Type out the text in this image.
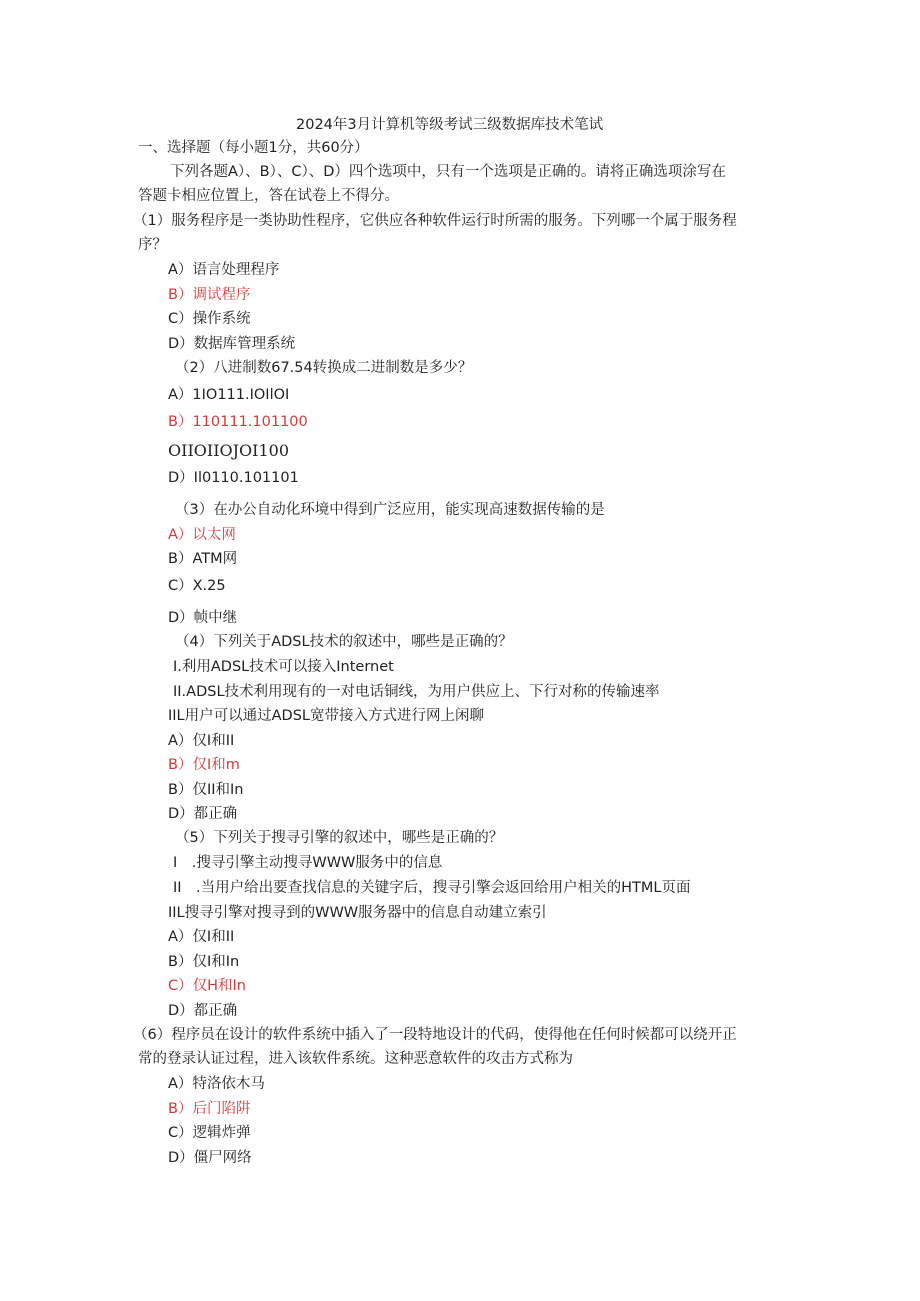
2024年3月计算机等级考试三级数据库技术笔试
一、选择题（每小题1分，共60分）
下列各题A）、B）、C）、D）四个选项中，只有一个选项是正确的。请将正确选项涂写在
答题卡相应位置上，答在试卷上不得分。
（1）服务程序是一类协助性程序，它供应各种软件运行时所需的服务。下列哪一个属于服务程
序？
A）语言处理程序
B）调试程序
C）操作系统
D）数据库管理系统
（2）八进制数67.54转换成二进制数是多少？
A）1IO111.IOIlOI
B）110111.101100
OIIOIIOJOI100
D）Il0110.101101
（3）在办公自动化环境中得到广泛应用，能实现高速数据传输的是
A）以太网
B）ATM网
C）X.25
D）帧中继
（4）下列关于ADSL技术的叙述中，哪些是正确的？
I.利用ADSL技术可以接入Internet
II.ADSL技术利用现有的一对电话铜线，为用户供应上、下行对称的传输速率
IIL用户可以通过ADSL宽带接入方式进行网上闲聊
A）仅I和II
B）仅I和m
B）仅II和In
D）都正确
（5）下列关于搜寻引擎的叙述中，哪些是正确的？
I　.搜寻引擎主动搜寻WWW服务中的信息
II　.当用户给出要查找信息的关键字后，搜寻引擎会返回给用户相关的HTML页面
IIL搜寻引擎对搜寻到的WWW服务器中的信息自动建立索引
A）仅I和II
B）仅I和In
C）仅H和In
D）都正确
（6）程序员在设计的软件系统中插入了一段特地设计的代码，使得他在任何时候都可以绕开正
常的登录认证过程，进入该软件系统。这种恶意软件的攻击方式称为
A）特洛依木马
B）后门陷阱
C）逻辑炸弹
D）僵尸网络
